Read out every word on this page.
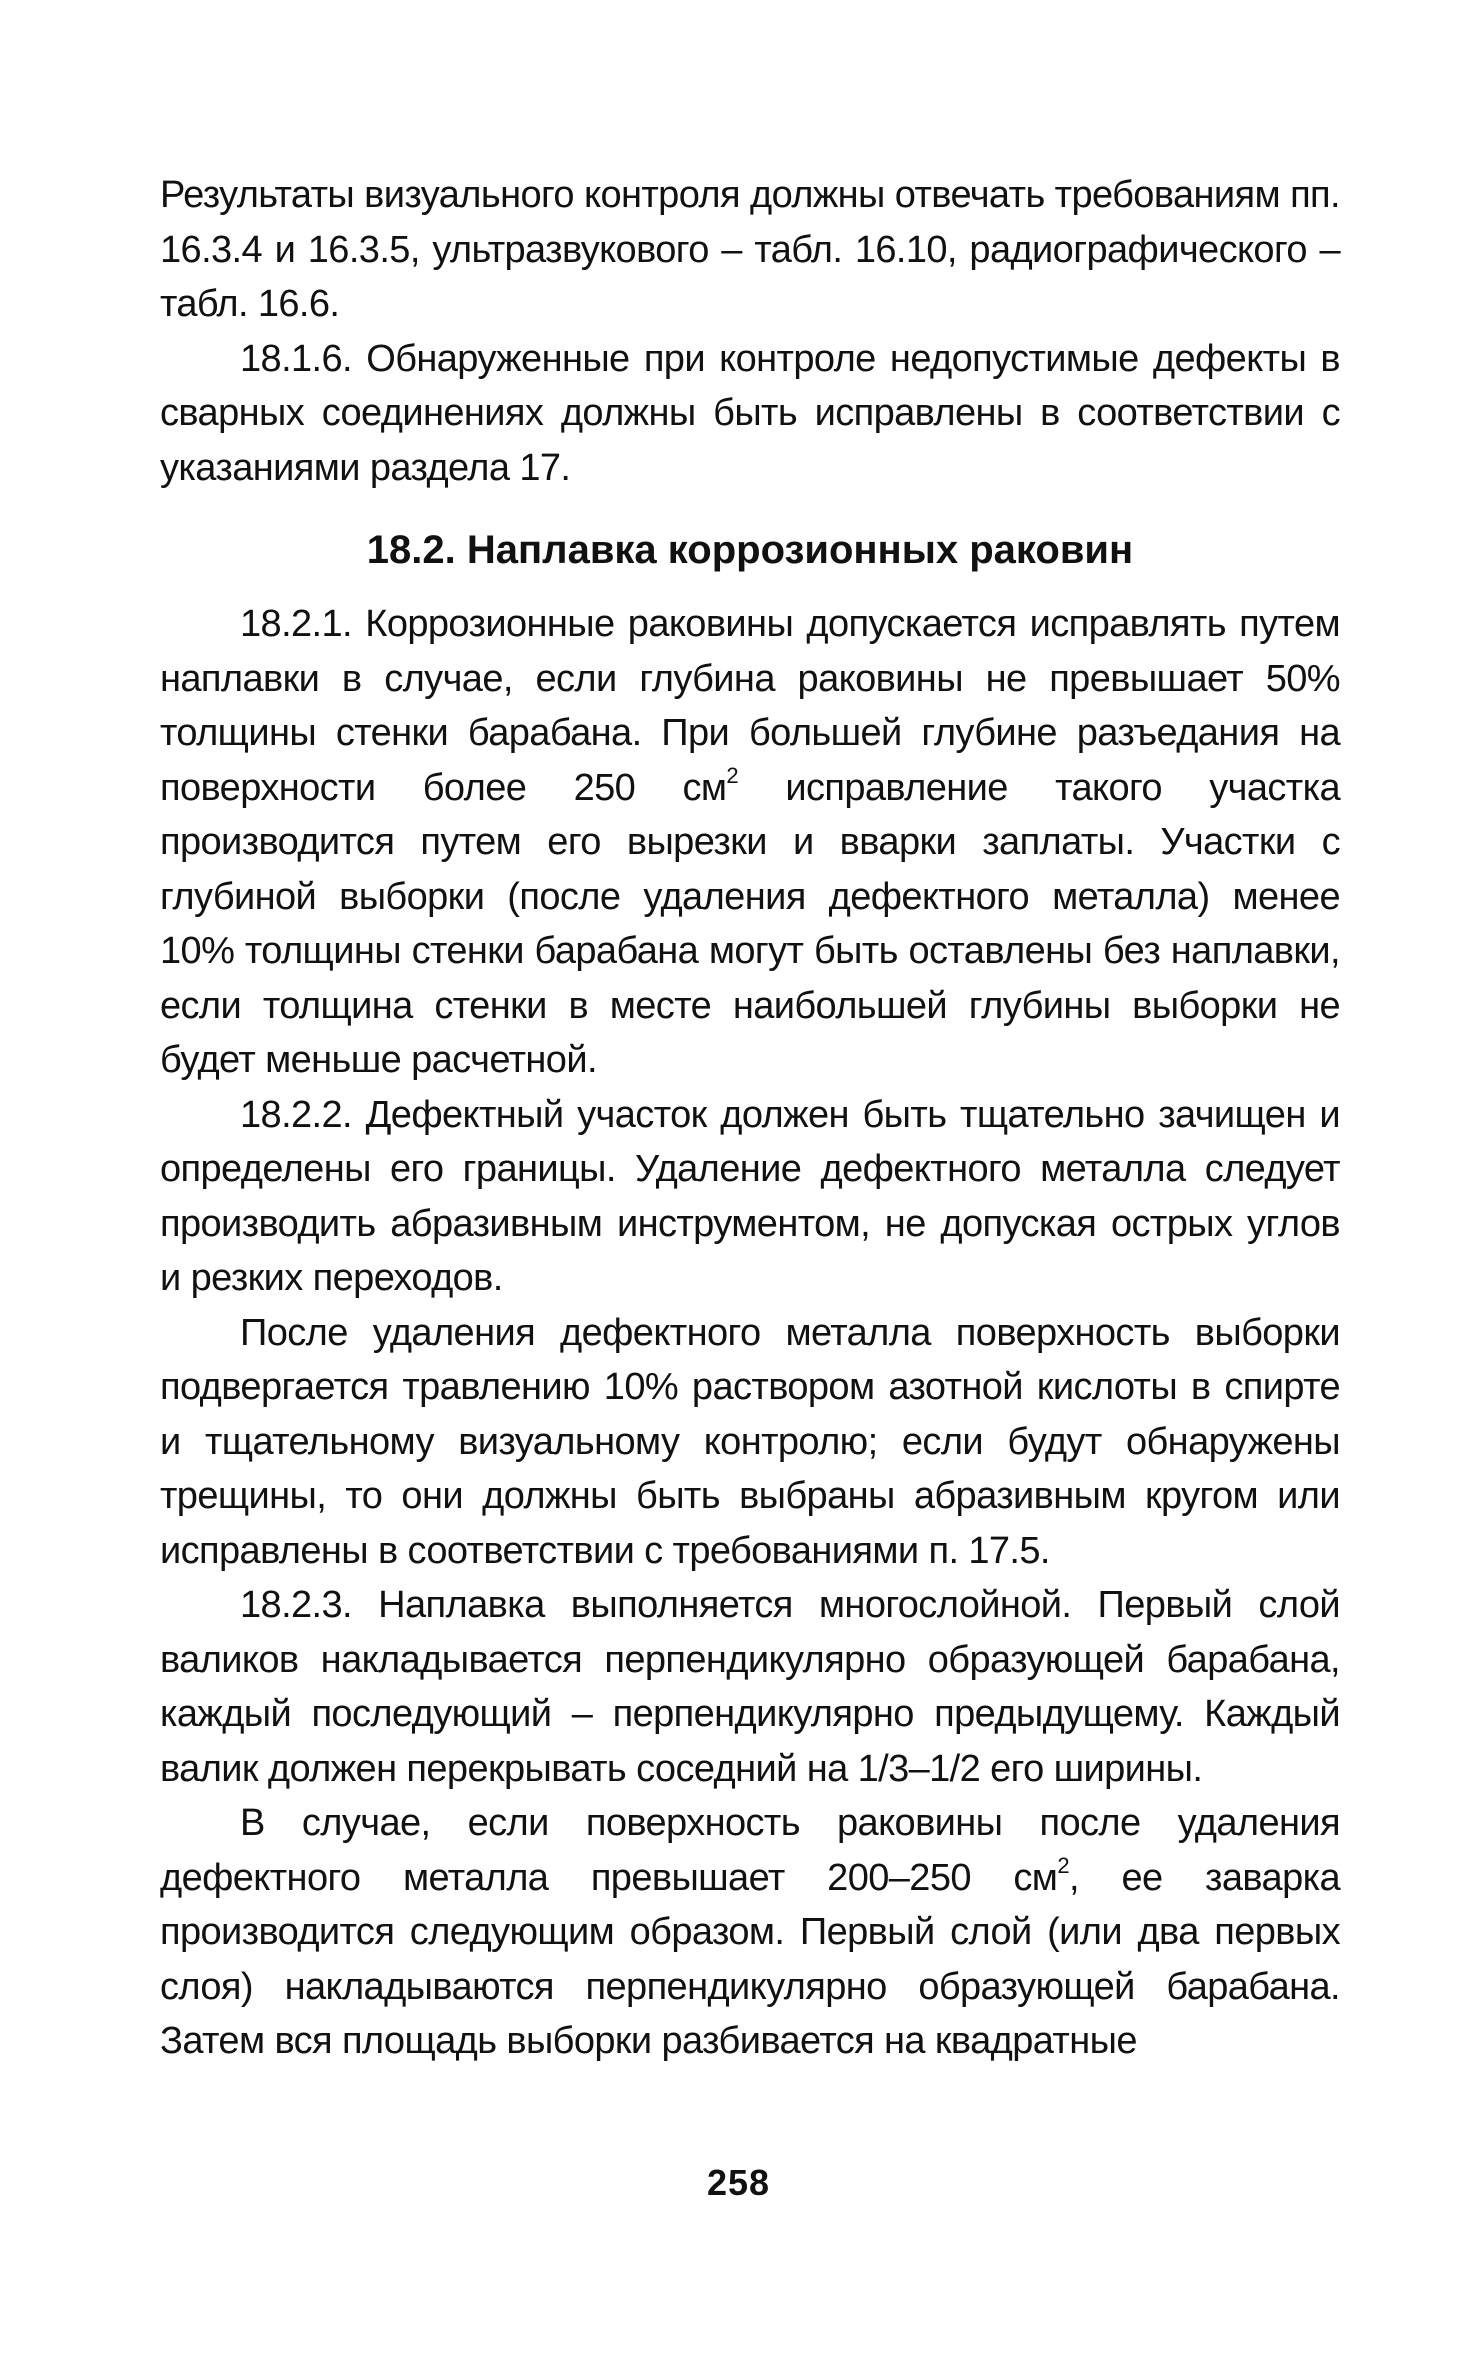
Результаты визуального контроля должны отвечать требованиям пп. 16.3.4 и 16.3.5, ультразвукового – табл. 16.10, радиографического – табл. 16.6.

18.1.6. Обнаруженные при контроле недопустимые дефекты в сварных соединениях должны быть исправлены в соответствии с указаниями раздела 17.

18.2. Наплавка коррозионных раковин

18.2.1. Коррозионные раковины допускается исправлять путем наплавки в случае, если глубина раковины не превышает 50% толщины стенки барабана. При большей глубине разъедания на поверхности более 250 $см^2$ исправление такого участка производится путем его вырезки и вварки заплаты. Участки с глубиной выборки (после удаления дефектного металла) менее 10% толщины стенки барабана могут быть оставлены без наплавки, если толщина стенки в месте наибольшей глубины выборки не будет меньше расчетной.

18.2.2. Дефектный участок должен быть тщательно зачищен и определены его границы. Удаление дефектного металла следует производить абразивным инструментом, не допуская острых углов и резких переходов.

После удаления дефектного металла поверхность выборки подвергается травлению 10% раствором азотной кислоты в спирте и тщательному визуальному контролю; если будут обнаружены трещины, то они должны быть выбраны абразивным кругом или исправлены в соответствии с требованиями п. 17.5.

18.2.3. Наплавка выполняется многослойной. Первый слой валиков накладывается перпендикулярно образующей барабана, каждый последующий – перпендикулярно предыдущему. Каждый валик должен перекрывать соседний на 1/3–1/2 его ширины.

В случае, если поверхность раковины после удаления дефектного металла превышает 200–250 $см^2$, ее заварка производится следующим образом. Первый слой (или два первых слоя) накладываются перпендикулярно образующей барабана. Затем вся площадь выборки разбивается на квадратные

258
